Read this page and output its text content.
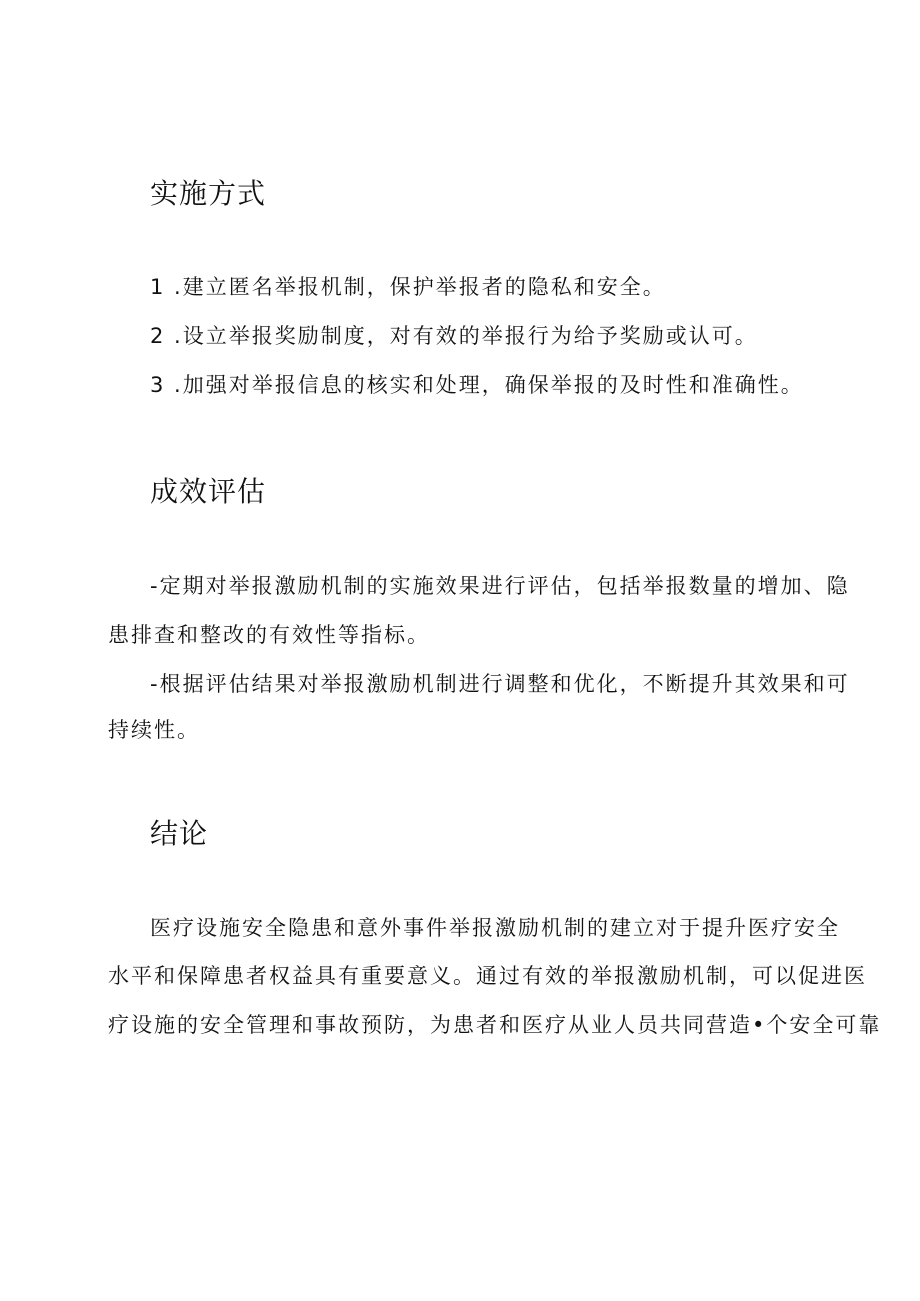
实施方式

1 .建立匿名举报机制，保护举报者的隐私和安全。

2 .设立举报奖励制度，对有效的举报行为给予奖励或认可。

3 .加强对举报信息的核实和处理，确保举报的及时性和准确性。

成效评估

-定期对举报激励机制的实施效果进行评估，包括举报数量的增加、隐

患排查和整改的有效性等指标。

-根据评估结果对举报激励机制进行调整和优化，不断提升其效果和可

持续性。

结论

医疗设施安全隐患和意外事件举报激励机制的建立对于提升医疗安全

水平和保障患者权益具有重要意义。通过有效的举报激励机制，可以促进医

疗设施的安全管理和事故预防，为患者和医疗从业人员共同营造•个安全可靠
